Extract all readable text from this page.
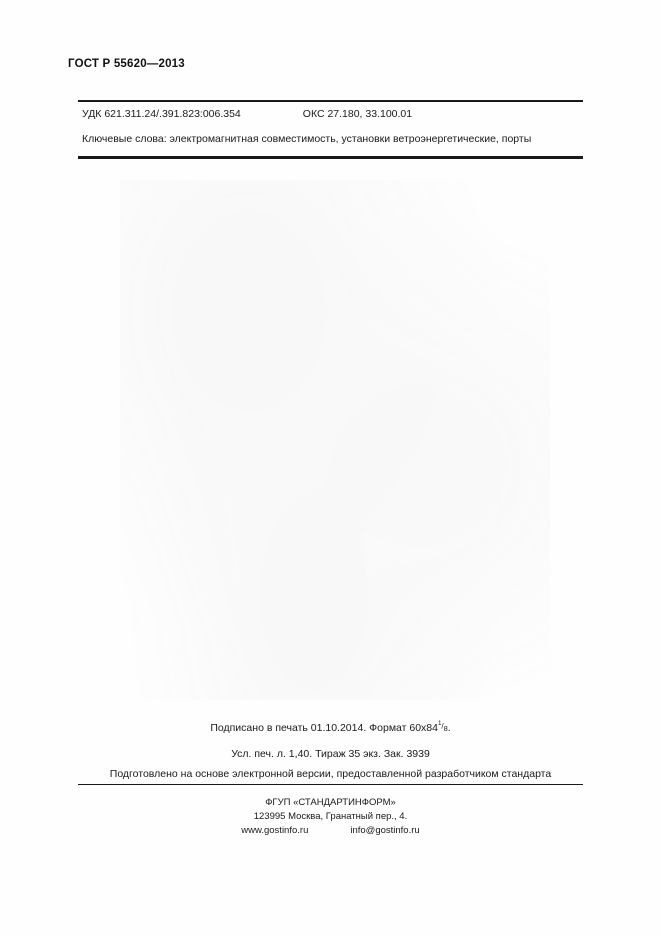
ГОСТ Р 55620—2013
УДК 621.311.24/.391.823:006.354	ОКС 27.180, 33.100.01
Ключевые слова: электромагнитная совместимость, установки ветроэнергетические, порты
Подписано в печать 01.10.2014. Формат $60х84^1/8$.
Усл. печ. л. 1,40. Тираж 35 экз. Зак. 3939
Подготовлено на основе электронной версии, предоставленной разработчиком стандарта
ФГУП «СТАНДАРТИНФОРМ»
123995 Москва, Гранатный пер., 4.
www.gostinfo.ru	info@gostinfo.ru
